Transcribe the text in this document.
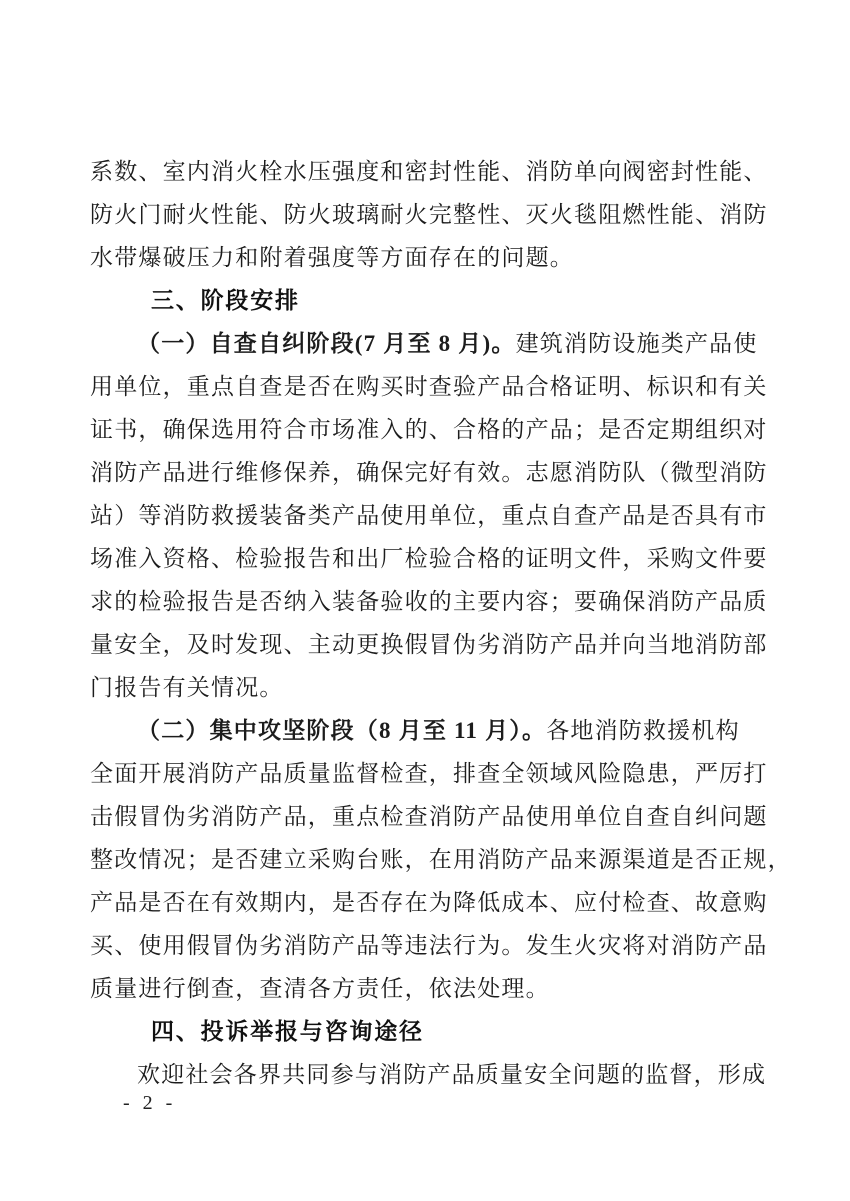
系数、室内消火栓水压强度和密封性能、消防单向阀密封性能、
防火门耐火性能、防火玻璃耐火完整性、灭火毯阻燃性能、消防
水带爆破压力和附着强度等方面存在的问题。
三、阶段安排
（一）自查自纠阶段(7 月至 8 月)。建筑消防设施类产品使
用单位，重点自查是否在购买时查验产品合格证明、标识和有关
证书，确保选用符合市场准入的、合格的产品；是否定期组织对
消防产品进行维修保养，确保完好有效。志愿消防队（微型消防
站）等消防救援装备类产品使用单位，重点自查产品是否具有市
场准入资格、检验报告和出厂检验合格的证明文件，采购文件要
求的检验报告是否纳入装备验收的主要内容；要确保消防产品质
量安全，及时发现、主动更换假冒伪劣消防产品并向当地消防部
门报告有关情况。
（二）集中攻坚阶段（8 月至 11 月）。各地消防救援机构
全面开展消防产品质量监督检查，排查全领域风险隐患，严厉打
击假冒伪劣消防产品，重点检查消防产品使用单位自查自纠问题
整改情况；是否建立采购台账，在用消防产品来源渠道是否正规，
产品是否在有效期内，是否存在为降低成本、应付检查、故意购
买、使用假冒伪劣消防产品等违法行为。发生火灾将对消防产品
质量进行倒查，查清各方责任，依法处理。
四、投诉举报与咨询途径
欢迎社会各界共同参与消防产品质量安全问题的监督，形成
- 2 -
